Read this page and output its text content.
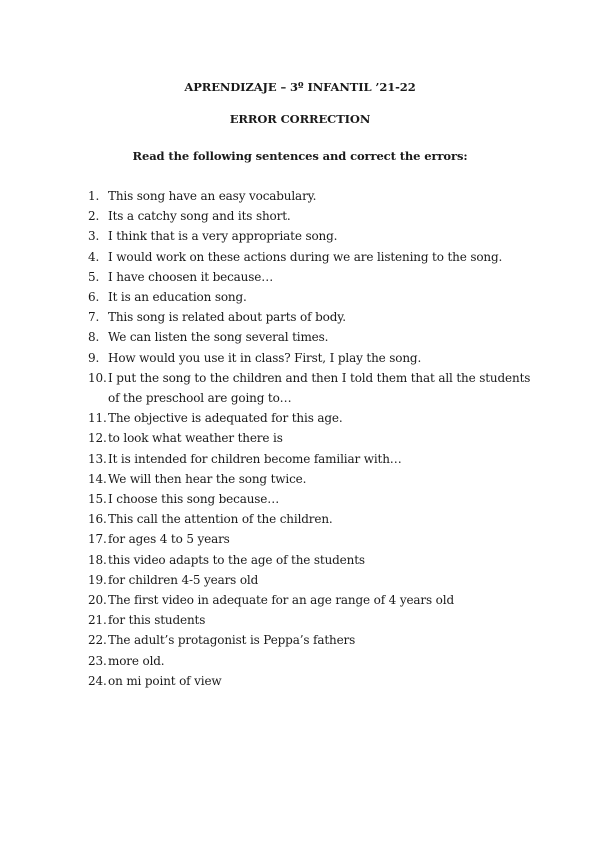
APRENDIZAJE – 3º INFANTIL ’21-22
ERROR CORRECTION
Read the following sentences and correct the errors:
1. This song have an easy vocabulary.
2. Its a catchy song and its short.
3. I think that is a very appropriate song.
4. I would work on these actions during we are listening to the song.
5. I have choosen it because…
6. It is an education song.
7. This song is related about parts of body.
8. We can listen the song several times.
9. How would you use it in class? First, I play the song.
10. I put the song to the children and then I told them that all the students of the preschool are going to…
11. The objective is adequated for this age.
12. to look what weather there is
13. It is intended for children become familiar with…
14. We will then hear the song twice.
15. I choose this song because…
16. This call the attention of the children.
17. for ages 4 to 5 years
18. this video adapts to the age of the students
19. for children 4-5 years old
20. The first video in adequate for an age range of 4 years old
21. for this students
22. The adult’s protagonist is Peppa’s fathers
23. more old.
24. on mi point of view
